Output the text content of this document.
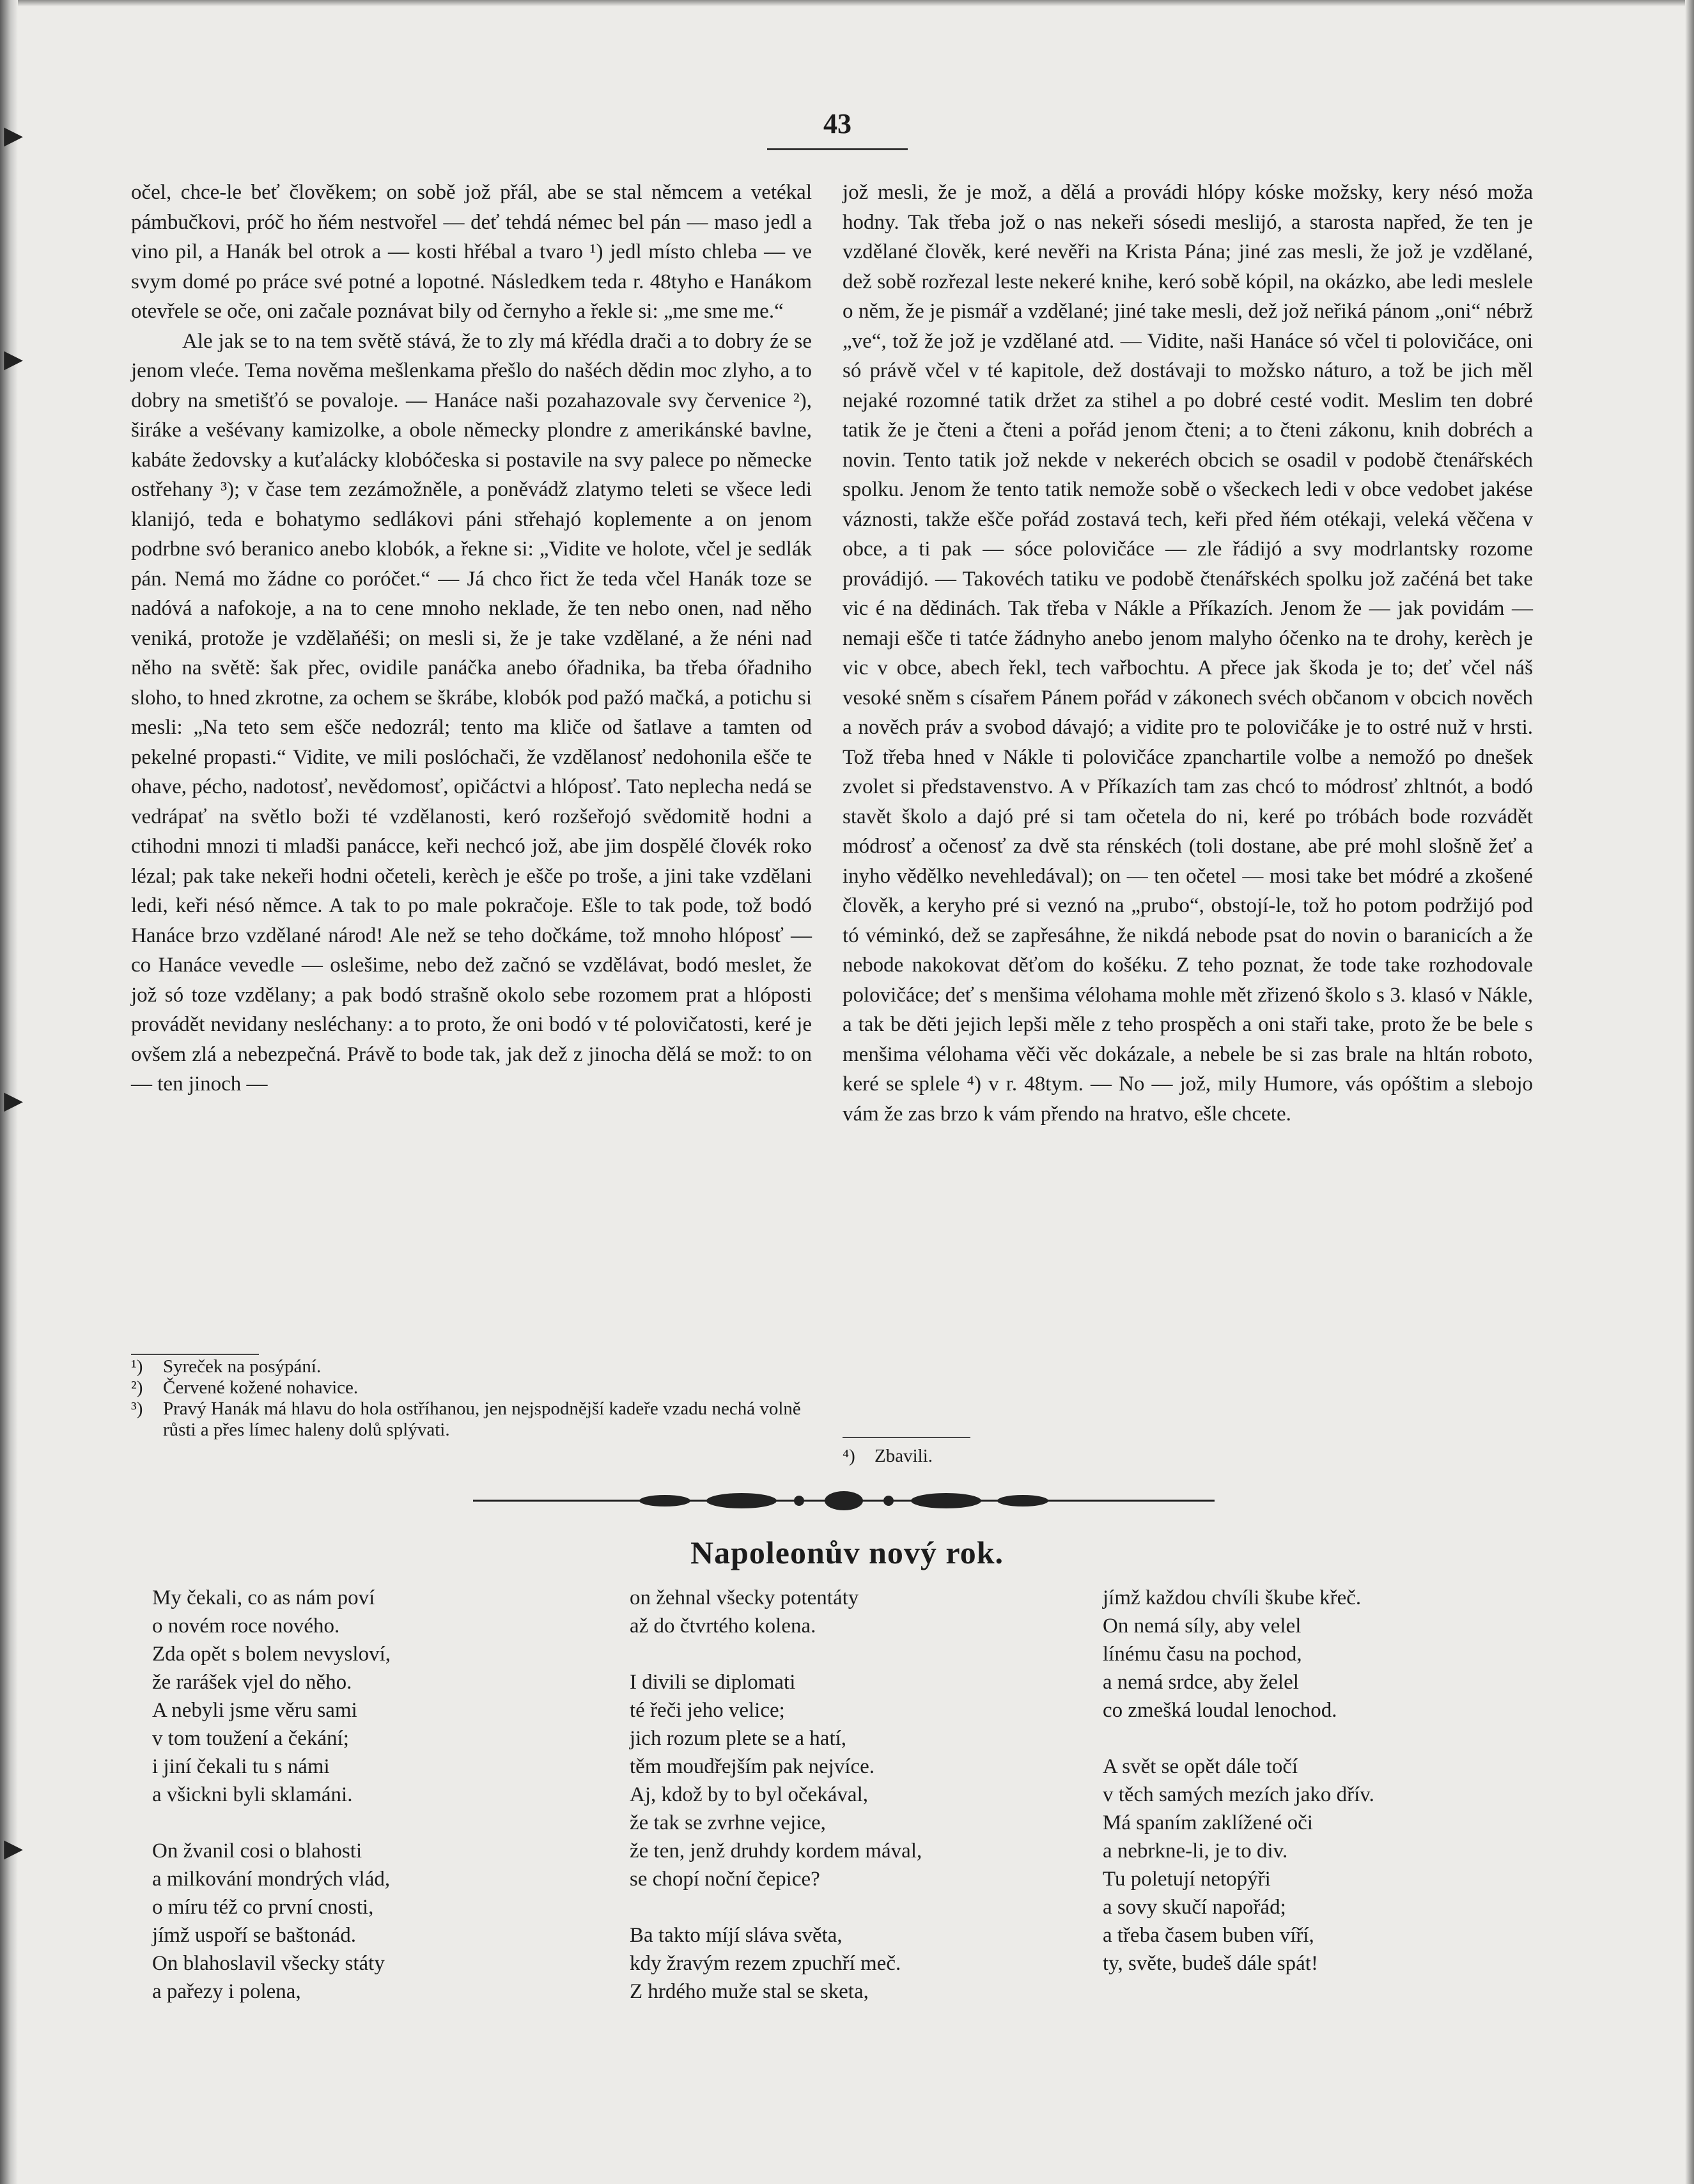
▸
▸
▸
▸
43

očel, chce-le beť člověkem; on sobě jož přál, abe se stal němcem a vetékal pámbučkovi, próč ho ňém nestvořel — deť tehdá némec bel pán — maso jedl a vino pil, a Hanák bel otrok a — kosti hřébal a tvaro ¹) jedl místo chleba — ve svym domé po práce své potné a lopotné. Následkem teda r. 48tyho e Hanákom otevřele se oče, oni začale poznávat bily od černyho a řekle si: „me sme me.“

Ale jak se to na tem světě stává, že to zly má křédla drači a to dobry źe se jenom vleće. Tema nověma mešlenkama přešlo do našéch dědin moc zlyho, a to dobry na smetišťó se povaloje. — Hanáce naši pozahazovale svy červenice ²), širáke a vešévany kamizolke, a obole německy plondre z amerikánské bavlne, kabáte žedovsky a kuťalácky klobóčeska si postavile na svy palece po německe ostřehany ³); v čase tem zezámožněle, a poněvádž zlatymo teleti se všece ledi klanijó, teda e bohatymo sedlákovi páni střehajó koplemente a on jenom podrbne svó beranico anebo klobók, a řekne si: „Vidite ve holote, včel je sedlák pán. Nemá mo žádne co poróčet.“ — Já chco řict že teda včel Hanák toze se nadóvá a nafokoje, a na to cene mnoho neklade, že ten nebo onen, nad něho veniká, protože je vzdělaňéši; on mesli si, že je take vzdělané, a že néni nad něho na světě: šak přec, ovidile panáčka anebo óřadnika, ba třeba óřadniho sloho, to hned zkrotne, za ochem se škrábe, klobók pod pažó mačká, a potichu si mesli: „Na teto sem ešče nedozrál; tento ma kliče od šatlave a tamten od pekelné propasti.“ Vidite, ve mili poslóchači, že vzdělanosť nedohonila ešče te ohave, pécho, nadotosť, nevědomosť, opičáctvi a hlóposť. Tato neplecha nedá se vedrápať na světlo boži té vzdělanosti, keró rozšeřojó svědomitě hodni a ctihodni mnozi ti mladši panácce, keři nechcó jož, abe jim dospělé človék roko lézal; pak take nekeři hodni očeteli, kerèch je ešče po troše, a jini take vzdělani ledi, keři nésó němce. A tak to po male pokračoje. Ešle to tak pode, tož bodó Hanáce brzo vzdělané národ! Ale než se teho dočkáme, tož mnoho hlóposť — co Hanáce vevedle — oslešime, nebo dež začnó se vzdělávat, bodó meslet, že jož só toze vzdělany; a pak bodó strašně okolo sebe rozomem prat a hlóposti provádět nevidany nesléchany: a to proto, že oni bodó v té polovičatosti, keré je ovšem zlá a nebezpečná. Právě to bode tak, jak dež z jinocha dělá se mož: to on — ten jinoch —

¹)	Syreček na posýpání.
²)	Červené kožené nohavice.
³)	Pravý Hanák má hlavu do hola ostříhanou, jen nejspodnější kadeře vzadu nechá volně růsti a přes límec haleny dolů splývati.

jož mesli, že je mož, a dělá a provádi hlópy kóske možsky, kery nésó moža hodny. Tak třeba jož o nas nekeři sósedi meslijó, a starosta napřed, že ten je vzdělané člověk, keré nevěři na Krista Pána; jiné zas mesli, že jož je vzdělané, dež sobě rozřezal leste nekeré knihe, keró sobě kópil, na okázko, abe ledi meslele o něm, že je pismář a vzdělané; jiné take mesli, dež jož neřiká pánom „oni“ nébrž „ve“, tož že jož je vzdělané atd. — Vidite, naši Hanáce só včel ti polovičáce, oni só právě včel v té kapitole, dež dostávaji to možsko náturo, a tož be jich měl nejaké rozomné tatik držet za stihel a po dobré cesté vodit. Meslim ten dobré tatik že je čteni a čteni a pořád jenom čteni; a to čteni zákonu, knih dobréch a novin. Tento tatik jož nekde v nekeréch obcich se osadil v podobě čtenářskéch spolku. Jenom že tento tatik nemože sobě o všeckech ledi v obce vedobet jakése váznosti, takže ešče pořád zostavá tech, keři před ňém otékaji, veleká věčena v obce, a ti pak — sóce polovičáce — zle řádijó a svy modrlantsky rozome provádijó. — Takovéch tatiku ve podobě čtenářskéch spolku jož začéná bet take vic é na dědinách. Tak třeba v Nákle a Příkazích. Jenom že — jak povidám — nemaji ešče ti tatće žádnyho anebo jenom malyho óčenko na te drohy, kerèch je vic v obce, abech řekl, tech vařbochtu. A přece jak škoda je to; deť včel náš vesoké sněm s císařem Pánem pořád v zákonech svéch občanom v obcich nověch a nověch práv a svobod dávajó; a vidite pro te polovičáke je to ostré nuž v hrsti. Tož třeba hned v Nákle ti polovičáce zpanchartile volbe a nemožó po dnešek zvolet si představenstvo. A v Příkazích tam zas chcó to módrosť zhltnót, a bodó stavět školo a dajó pré si tam očetela do ni, keré po tróbách bode rozvádět módrosť a očenosť za dvě sta rénskéch (toli dostane, abe pré mohl slošně žeť a inyho vědělko nevehledával); on — ten očetel — mosi take bet módré a zkošené člověk, a keryho pré si veznó na „prubo“, obstojí-le, tož ho potom podržijó pod tó véminkó, dež se zapřesáhne, že nikdá nebode psat do novin o baranicích a že nebode nakokovat děťom do košéku. Z teho poznat, že tode take rozhodovale polovičáce; deť s menšima vélohama mohle mět zřizenó školo s 3. klasó v Nákle, a tak be děti jejich lepši měle z teho prospěch a oni staři take, proto že be bele s menšima vélohama věči věc dokázale, a nebele be si zas brale na hltán roboto, keré se splele ⁴) v r. 48tym. — No — jož, mily Humore, vás opóštim a slebojo vám že zas brzo k vám přendo na hratvo, ešle chcete.

⁴)	Zbavili.
Napoleonův nový rok.
My čekali, co as nám poví
o novém roce nového.
Zda opět s bolem nevysloví,
že rarášek vjel do něho.
A nebyli jsme věru sami
v tom toužení a čekání;
i jiní čekali tu s námi
a všickni byli sklamáni.
On žvanil cosi o blahosti
a milkování mondrých vlád,
o míru též co první cnosti,
jímž uspoří se baštonád.
On blahoslavil všecky státy
a pařezy i polena,
on žehnal všecky potentáty
až do čtvrtého kolena.
I divili se diplomati
té řeči jeho velice;
jich rozum plete se a hatí,
těm moudřejším pak nejvíce.
Aj, kdož by to byl očekával,
že tak se zvrhne vejice,
že ten, jenž druhdy kordem mával,
se chopí noční čepice?
Ba takto míjí sláva světa,
kdy žravým rezem zpuchří meč.
Z hrdého muže stal se sketa,
jímž každou chvíli škube křeč.
On nemá síly, aby velel
línému času na pochod,
a nemá srdce, aby želel
co zmešká loudal lenochod.
A svět se opět dále točí
v těch samých mezích jako dřív.
Má spaním zaklížené oči
a nebrkne-li, je to div.
Tu poletují netopýři
a sovy skučí napořád;
a třeba časem buben víří,
ty, světe, budeš dále spát!
